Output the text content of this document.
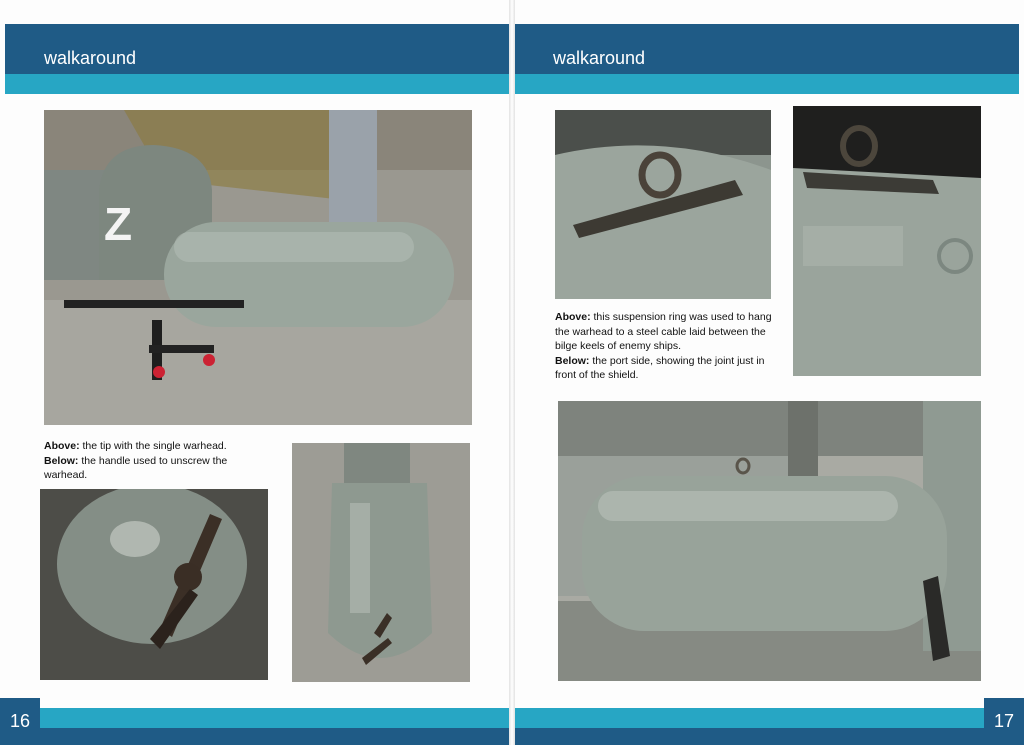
walkaround
Z
Above: the tip with the single warhead.
Below: the handle used to unscrew the warhead.
16
walkaround
Above: this suspension ring was used to hang the warhead to a steel cable laid between the bilge keels of enemy ships.
Below: the port side, showing the joint just in front of the shield.
17
